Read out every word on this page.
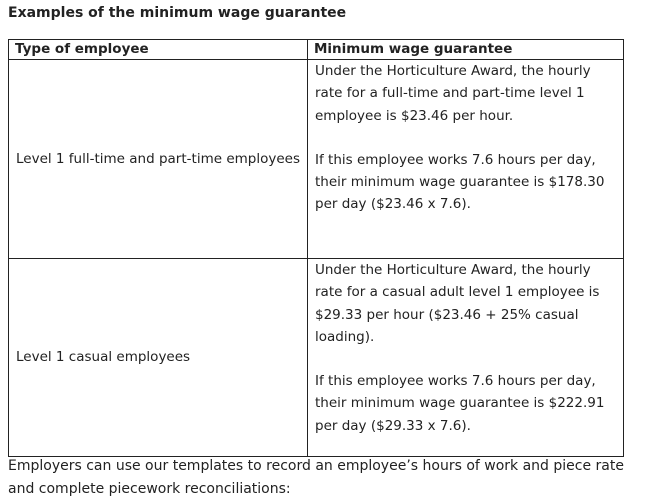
Examples of the minimum wage guarantee
Type of employee	Minimum wage guarantee
Level 1 full-time and part-time employees	Under the Horticulture Award, the hourly rate for a full-time and part-time level 1 employee is $23.46 per hour.

If this employee works 7.6 hours per day, their minimum wage guarantee is $178.30 per day ($23.46 x 7.6).

Level 1 casual employees	Under the Horticulture Award, the hourly rate for a casual adult level 1 employee is $29.33 per hour ($23.46 + 25% casual loading).

If this employee works 7.6 hours per day, their minimum wage guarantee is $222.91 per day ($29.33 x 7.6).

Employers can use our templates to record an employee’s hours of work and piece rate and complete piecework reconciliations:
